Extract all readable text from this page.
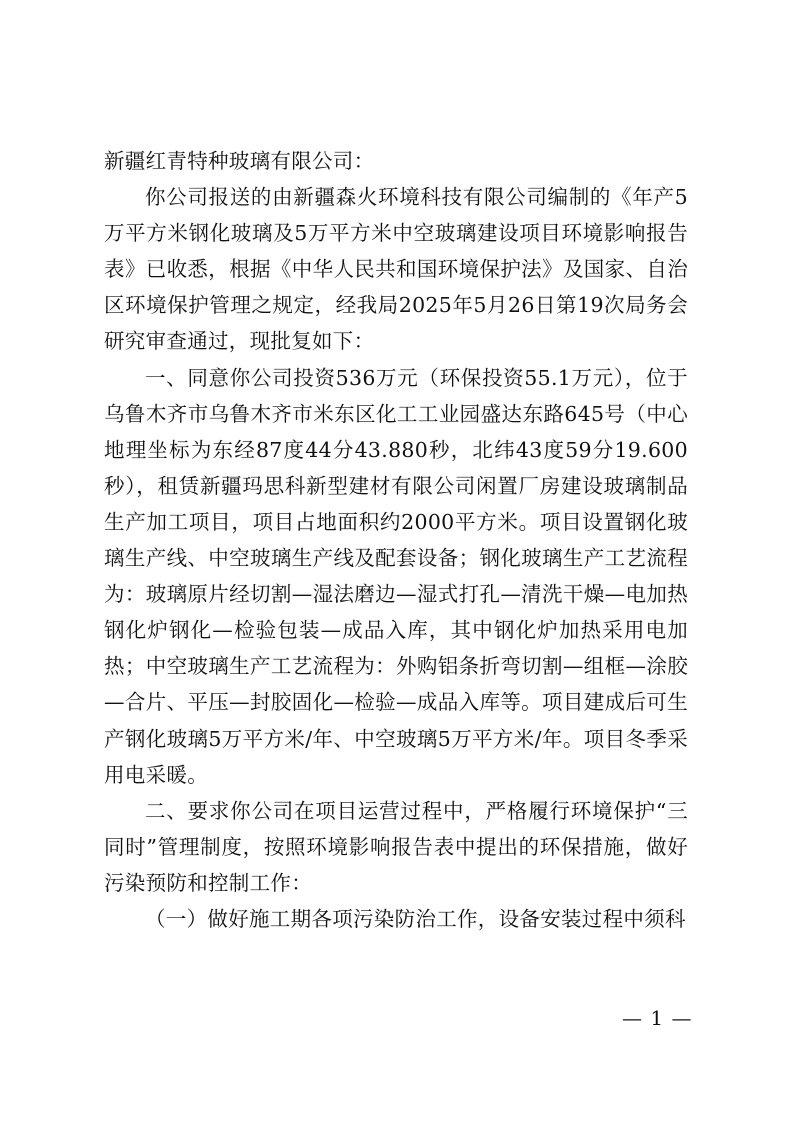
新疆红青特种玻璃有限公司：

你公司报送的由新疆森火环境科技有限公司编制的《年产5万平方米钢化玻璃及5万平方米中空玻璃建设项目环境影响报告表》已收悉，根据《中华人民共和国环境保护法》及国家、自治区环境保护管理之规定，经我局2025年5月26日第19次局务会研究审查通过，现批复如下：

一、同意你公司投资536万元（环保投资55.1万元），位于乌鲁木齐市乌鲁木齐市米东区化工工业园盛达东路645号（中心地理坐标为东经87度44分43.880秒，北纬43度59分19.600秒），租赁新疆玛思科新型建材有限公司闲置厂房建设玻璃制品生产加工项目，项目占地面积约2000平方米。项目设置钢化玻璃生产线、中空玻璃生产线及配套设备；钢化玻璃生产工艺流程为：玻璃原片经切割—湿法磨边—湿式打孔—清洗干燥—电加热钢化炉钢化—检验包装—成品入库，其中钢化炉加热采用电加热；中空玻璃生产工艺流程为：外购铝条折弯切割—组框—涂胶—合片、平压—封胶固化—检验—成品入库等。项目建成后可生产钢化玻璃5万平方米/年、中空玻璃5万平方米/年。项目冬季采用电采暖。

二、要求你公司在项目运营过程中，严格履行环境保护“三同时”管理制度，按照环境影响报告表中提出的环保措施，做好污染预防和控制工作：

（一）做好施工期各项污染防治工作，设备安装过程中须科

— 1 —
